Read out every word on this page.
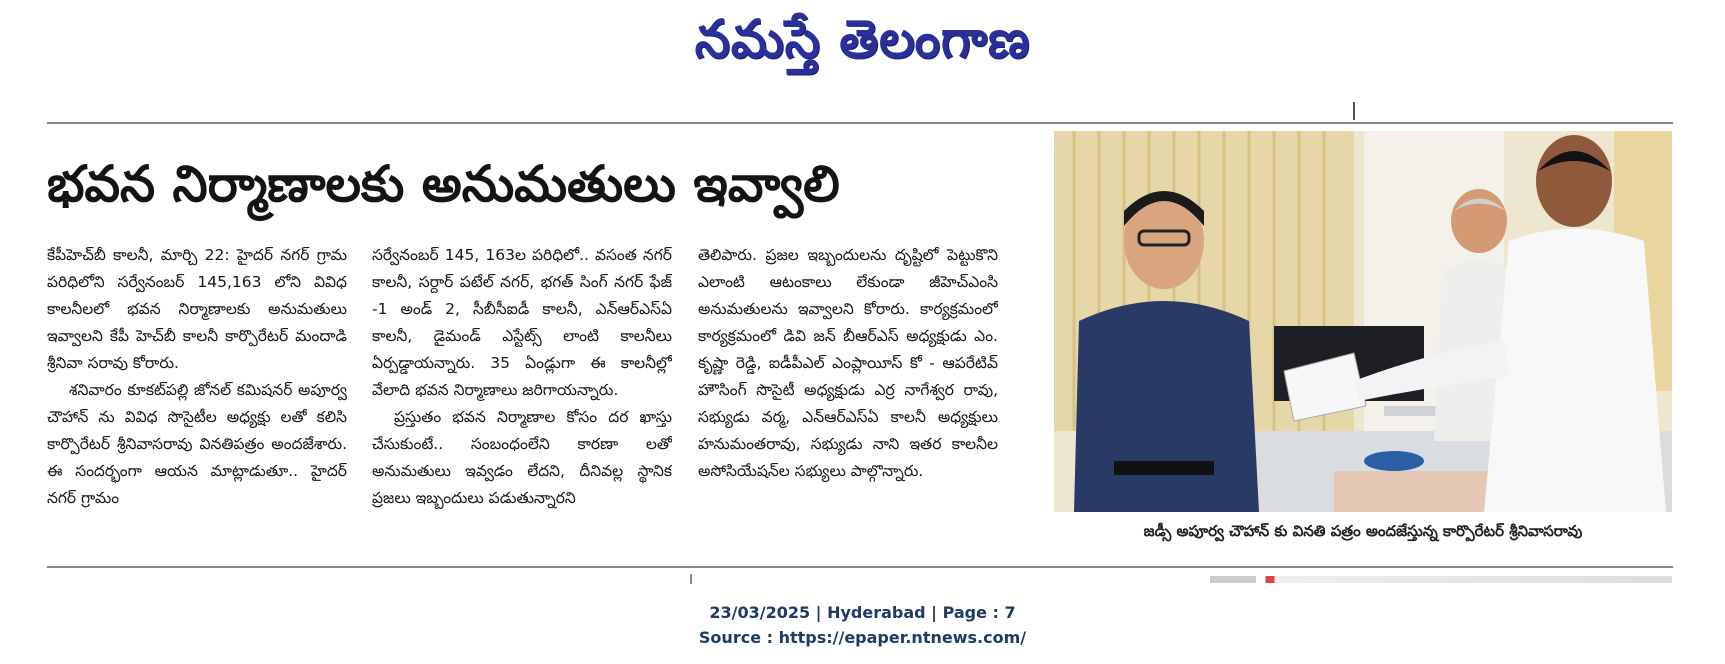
నమస్తే తెలంగాణ
భవన నిర్మాణాలకు అనుమతులు ఇవ్వాలి

కేపీహెచ్‌బీ కాలనీ, మార్చి 22: హైదర్ నగర్ గ్రామ పరిధిలోని సర్వేనంబర్ 145,163 లోని వివిధ కాలనీలలో భవన నిర్మాణాలకు అనుమతులు ఇవ్వాలని కేపీ హెచ్‌బీ కాలనీ కార్పొరేటర్ మందాడి శ్రీనివా సరావు కోరారు.

శనివారం కూకట్‌పల్లి జోనల్ కమిషనర్ అపూర్వ చౌహాన్ ను వివిధ సొసైటీల అధ్యక్షు లతో కలిసి కార్పొరేటర్ శ్రీనివాసరావు వినతిపత్రం అందజేశారు. ఈ సందర్భంగా ఆయన మాట్లాడుతూ.. హైదర్ నగర్ గ్రామం

సర్వేనంబర్ 145, 163ల పరిధిలో.. వసంత నగర్ కాలనీ, సర్దార్ పటేల్ నగర్, భగత్ సింగ్ నగర్ ఫేజ్ -1 అండ్ 2, సీబీసీఐడీ కాలనీ, ఎన్ఆర్ఎస్ఏ కాలనీ, డైమండ్ ఎస్టేట్స్ లాంటి కాలనీలు ఏర్పడ్డాయన్నారు. 35 ఏండ్లుగా ఈ కాలనీల్లో వేలాది భవన నిర్మాణాలు జరిగాయన్నారు.

ప్రస్తుతం భవన నిర్మాణాల కోసం దర ఖాస్తు చేసుకుంటే.. సంబంధంలేని కారణా లతో అనుమతులు ఇవ్వడం లేదని, దీనివల్ల స్థానిక ప్రజలు ఇబ్బందులు పడుతున్నారని

తెలిపారు. ప్రజల ఇబ్బందులను దృష్టిలో పెట్టుకొని ఎలాంటి ఆటంకాలు లేకుండా జీహెచ్ఎంసి అనుమతులను ఇవ్వాలని కోరారు. కార్యక్రమంలో కార్యక్రమంలో డివి జన్ బీఆర్ఎస్ అధ్యక్షుడు ఎం. కృష్ణా రెడ్డి, ఐడీపీఎల్ ఎంప్లాయీస్ కో - ఆపరేటివ్ హౌసింగ్ సొసైటీ అధ్యక్షుడు ఎర్ర నాగేశ్వర రావు, సభ్యుడు వర్మ, ఎన్ఆర్ఎస్ఏ కాలనీ అధ్యక్షులు హనుమంతరావు, సభ్యుడు నాని ఇతర కాలనీల అసోసియేషన్‌ల సభ్యులు పాల్గొన్నారు.

జడ్సీ అపూర్వ చౌహాన్ కు వినతి పత్రం అందజేస్తున్న కార్పొరేటర్ శ్రీనివాసరావు
23/03/2025 | Hyderabad | Page : 7
Source : https://epaper.ntnews.com/
